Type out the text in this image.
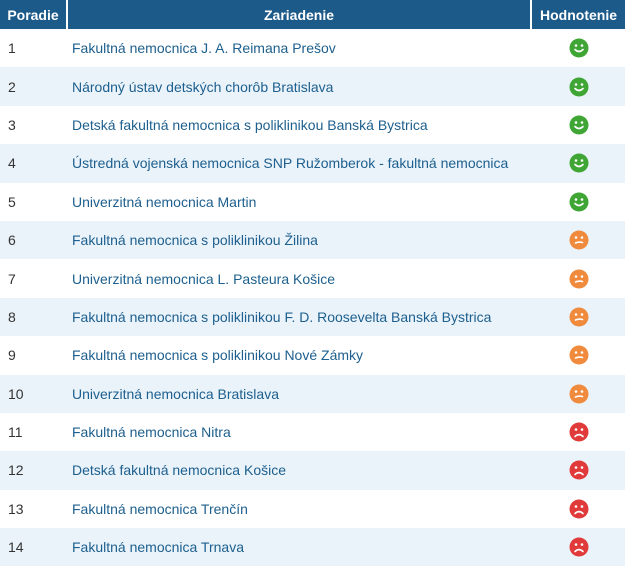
Poradie	Zariadenie	Hodnotenie
1	Fakultná nemocnica J. A. Reimana Prešov
2	Národný ústav detských chorôb Bratislava
3	Detská fakultná nemocnica s poliklinikou Banská Bystrica
4	Ústredná vojenská nemocnica SNP Ružomberok - fakultná nemocnica
5	Univerzitná nemocnica Martin
6	Fakultná nemocnica s poliklinikou Žilina
7	Univerzitná nemocnica L. Pasteura Košice
8	Fakultná nemocnica s poliklinikou F. D. Roosevelta Banská Bystrica
9	Fakultná nemocnica s poliklinikou Nové Zámky
10	Univerzitná nemocnica Bratislava
11	Fakultná nemocnica Nitra
12	Detská fakultná nemocnica Košice
13	Fakultná nemocnica Trenčín
14	Fakultná nemocnica Trnava
